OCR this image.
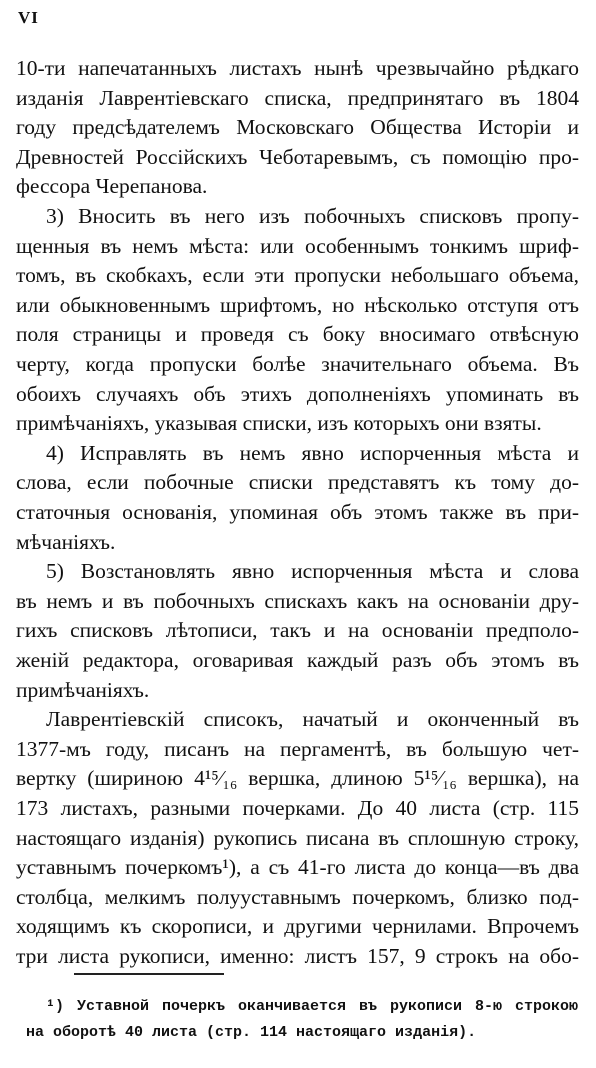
VI
10-ти напечатанныхъ листахъ нынѣ чрезвычайно рѣдкаго
изданія Лаврентіевскаго списка, предпринятаго въ 1804
году предсѣдателемъ Московскаго Общества Исторіи и
Древностей Россійскихъ Чеботаревымъ, съ помощію про-
фессора Черепанова.
3) Вносить въ него изъ побочныхъ списковъ пропу-
щенныя въ немъ мѣста: или особеннымъ тонкимъ шриф-
томъ, въ скобкахъ, если эти пропуски небольшаго объема,
или обыкновеннымъ шрифтомъ, но нѣсколько отступя отъ
поля страницы и проведя съ боку вносимаго отвѣсную
черту, когда пропуски болѣе значительнаго объема. Въ
обоихъ случаяхъ объ этихъ дополненіяхъ упоминать въ
примѣчаніяхъ, указывая списки, изъ которыхъ они взяты.
4) Исправлять въ немъ явно испорченныя мѣста и
слова, если побочные списки представятъ къ тому до-
статочныя основанія, упоминая объ этомъ также въ при-
мѣчаніяхъ.
5) Возстановлять явно испорченныя мѣста и слова
въ немъ и въ побочныхъ спискахъ какъ на основаніи дру-
гихъ списковъ лѣтописи, такъ и на основаніи предполо-
женій редактора, оговаривая каждый разъ объ этомъ въ
примѣчаніяхъ.
Лаврентіевскій списокъ, начатый и оконченный въ
1377-мъ году, писанъ на пергаментѣ, въ большую чет-
вертку (шириною 4¹⁵⁄₁₆ вершка, длиною 5¹⁵⁄₁₆ вершка), на
173 листахъ, разными почерками. До 40 листа (стр. 115
настоящаго изданія) рукопись писана въ сплошную строку,
уставнымъ почеркомъ¹), а съ 41-го листа до конца—въ два
столбца, мелкимъ полууставнымъ почеркомъ, близко под-
ходящимъ къ скорописи, и другими чернилами. Впрочемъ
три листа рукописи, именно: листъ 157, 9 строкъ на обо-
¹) Уставной почеркъ оканчивается въ рукописи 8-ю строкою
на оборотѣ 40 листа (стр. 114 настоящаго изданія).
